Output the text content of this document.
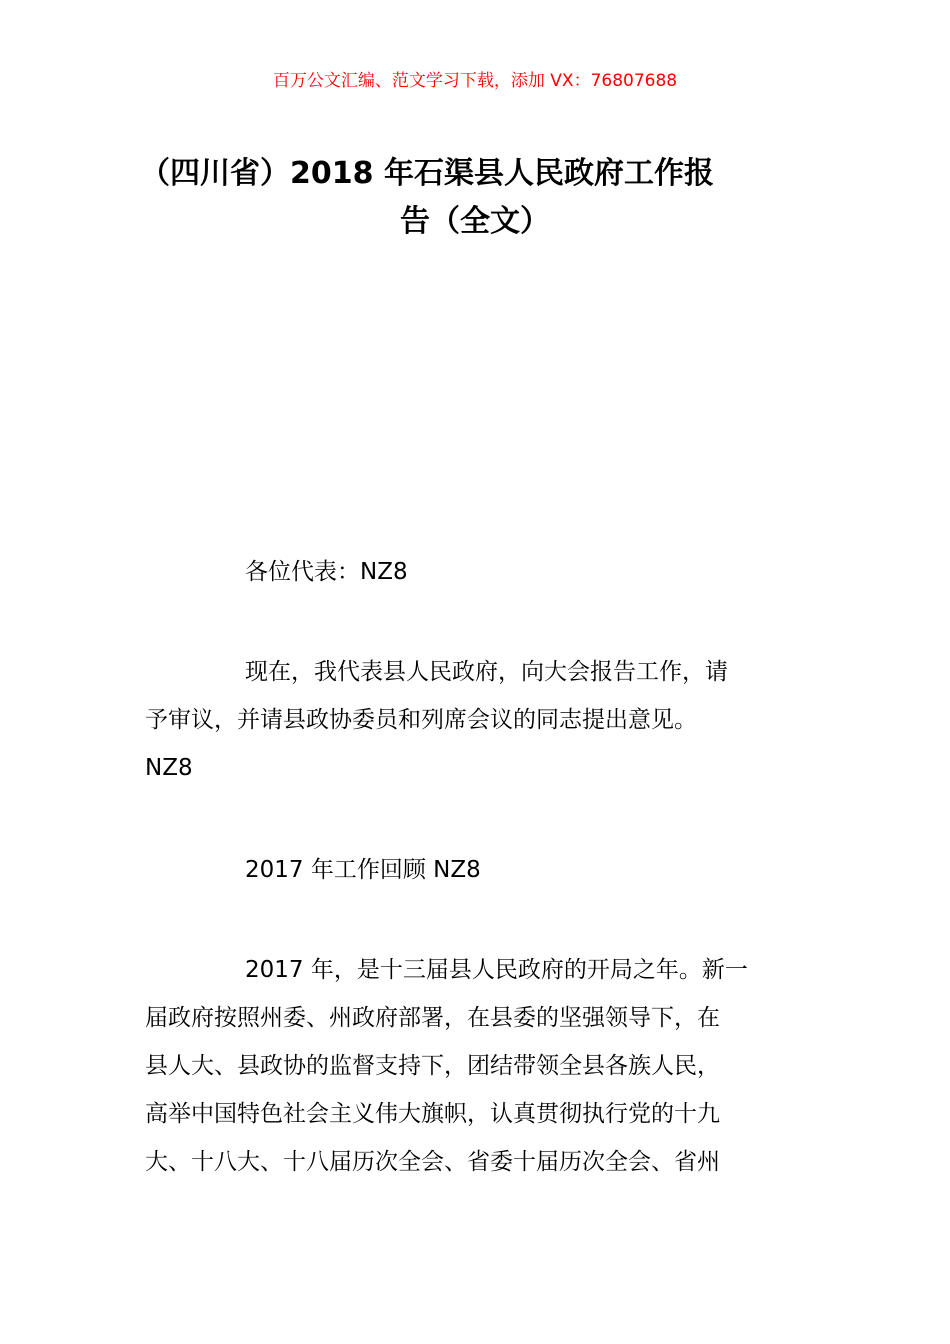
百万公文汇编、范文学习下载，添加 VX：76807688
（四川省）2018 年石渠县人民政府工作报
告（全文）

各位代表：NZ8

现在，我代表县人民政府，向大会报告工作，请

予审议，并请县政协委员和列席会议的同志提出意见。

NZ8

2017 年工作回顾 NZ8

2017 年，是十三届县人民政府的开局之年。新一

届政府按照州委、州政府部署，在县委的坚强领导下，在

县人大、县政协的监督支持下，团结带领全县各族人民，

高举中国特色社会主义伟大旗帜，认真贯彻执行党的十九

大、十八大、十八届历次全会、省委十届历次全会、省州
